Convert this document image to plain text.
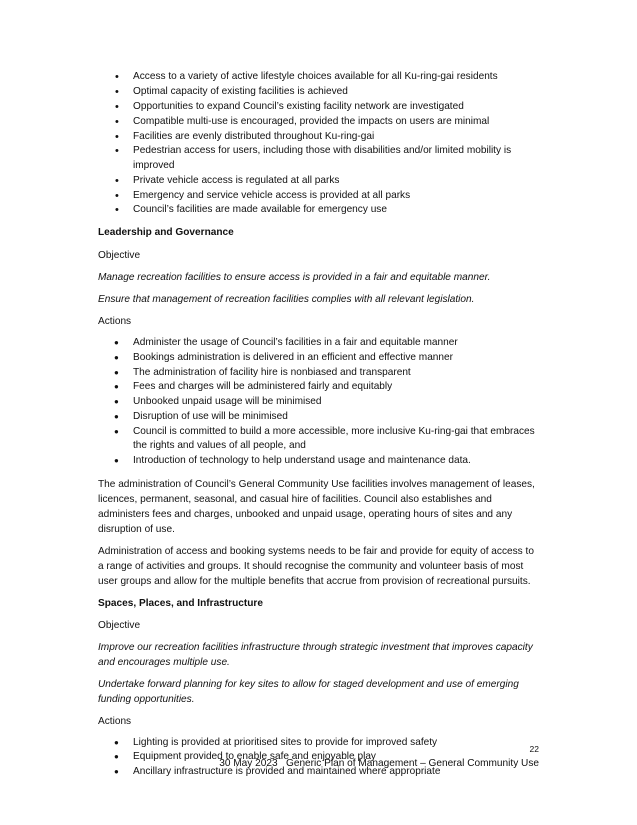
• Access to a variety of active lifestyle choices available for all Ku-ring-gai residents
• Optimal capacity of existing facilities is achieved
• Opportunities to expand Council’s existing facility network are investigated
• Compatible multi-use is encouraged, provided the impacts on users are minimal
• Facilities are evenly distributed throughout Ku-ring-gai
• Pedestrian access for users, including those with disabilities and/or limited mobility is improved
• Private vehicle access is regulated at all parks
• Emergency and service vehicle access is provided at all parks
• Council’s facilities are made available for emergency use
Leadership and Governance

Objective

Manage recreation facilities to ensure access is provided in a fair and equitable manner.

Ensure that management of recreation facilities complies with all relevant legislation.

Actions

● Administer the usage of Council’s facilities in a fair and equitable manner
● Bookings administration is delivered in an efficient and effective manner
● The administration of facility hire is nonbiased and transparent
● Fees and charges will be administered fairly and equitably
● Unbooked unpaid usage will be minimised
● Disruption of use will be minimised
● Council is committed to build a more accessible, more inclusive Ku-ring-gai that embraces the rights and values of all people, and
● Introduction of technology to help understand usage and maintenance data.

The administration of Council’s General Community Use facilities involves management of leases, licences, permanent, seasonal, and casual hire of facilities. Council also establishes and administers fees and charges, unbooked and unpaid usage, operating hours of sites and any disruption of use.

Administration of access and booking systems needs to be fair and provide for equity of access to a range of activities and groups. It should recognise the community and volunteer basis of most user groups and allow for the multiple benefits that accrue from provision of recreational pursuits.

Spaces, Places, and Infrastructure

Objective

Improve our recreation facilities infrastructure through strategic investment that improves capacity and encourages multiple use.

Undertake forward planning for key sites to allow for staged development and use of emerging funding opportunities.

Actions

● Lighting is provided at prioritised sites to provide for improved safety
● Equipment provided to enable safe and enjoyable play
● Ancillary infrastructure is provided and maintained where appropriate
22
30 May 2023   Generic Plan of Management – General Community Use
